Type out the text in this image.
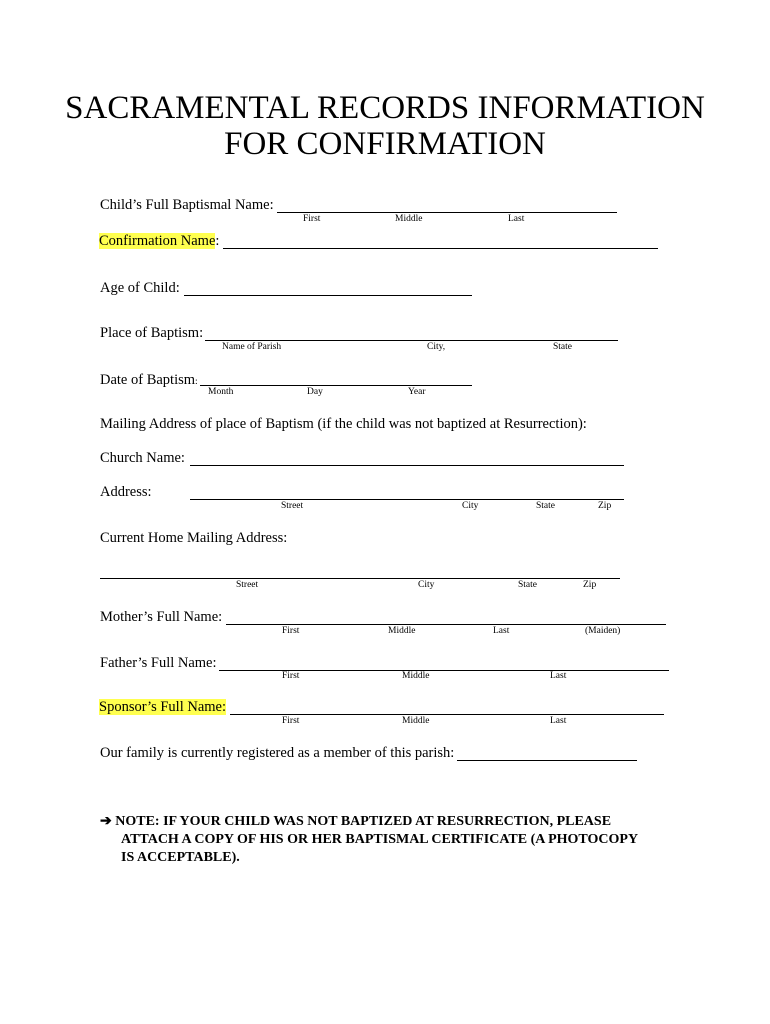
SACRAMENTAL RECORDS INFORMATION
FOR CONFIRMATION
Child’s Full Baptismal Name:
First	Middle	Last
Confirmation Name:
Age of Child:
Place of Baptism:
Name of Parish	City,	State
Date of Baptism:
Month	Day	Year
Mailing Address of place of Baptism (if the child was not baptized at Resurrection):
Church Name:
Address:
Street	City	State	Zip
Current Home Mailing Address:
Street	City	State	Zip
Mother’s Full Name:
First	Middle	Last	(Maiden)
Father’s Full Name:
First	Middle	Last
Sponsor’s Full Name:
First	Middle	Last
Our family is currently registered as a member of this parish:
➔ NOTE: IF YOUR CHILD WAS NOT BAPTIZED AT RESURRECTION, PLEASE
ATTACH A COPY OF HIS OR HER BAPTISMAL CERTIFICATE (A PHOTOCOPY
IS ACCEPTABLE).
